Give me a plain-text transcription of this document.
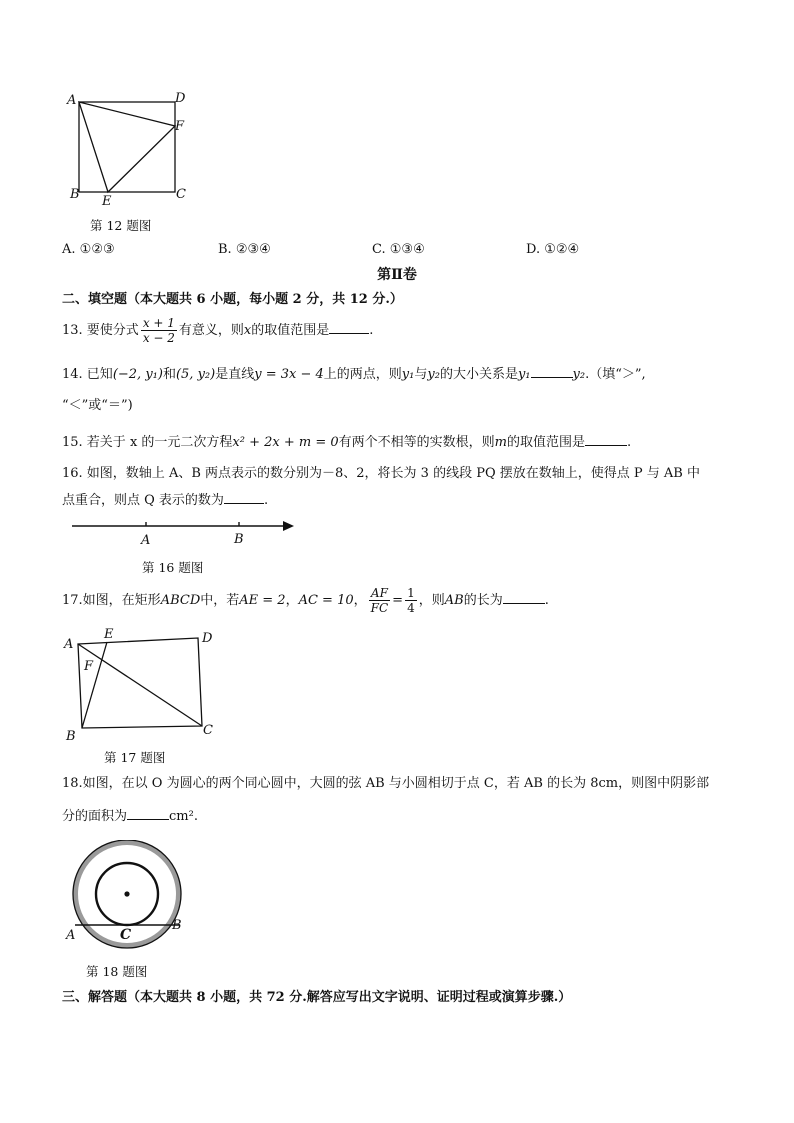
A	D
F
B E	C
第 12 题图
A. ①②③	B. ②③④	C. ①③④	D. ①②④
第Ⅱ卷
二、填空题（本大题共 6 小题，每小题 2 分，共 12 分.）
13. 要使分式 $\frac{x + 1}{x - 2}$ 有意义，则x的取值范围是	.
14. 已知(−2, y₁)和(5, y₂)是直线y = 3x − 4上的两点，则y₁与y₂的大小关系是y₁	y₂.（填“＞”,
“＜”或“＝”)
15. 若关于 x 的一元二次方程x² + 2x + m = 0有两个不相等的实数根，则m的取值范围是	.
16. 如图，数轴上 A、B 两点表示的数分别为－8、2，将长为 3 的线段 PQ 摆放在数轴上，使得点 P 与 AB 中
点重合，则点 Q 表示的数为	.
A	B
第 16 题图
17.如图，在矩形ABCD中，若AE = 2，AC = 10， $\frac{AF}{FC} = \frac{1}{4}$ ，则AB的长为	.
A
E	D
F
B	C
第 17 题图
18.如图，在以 O 为圆心的两个同心圆中，大圆的弦 AB 与小圆相切于点 C，若 AB 的长为 8cm，则图中阴影部
分的面积为	cm².
A
B
C
第 18 题图
三、解答题（本大题共 8 小题，共 72 分.解答应写出文字说明、证明过程或演算步骤.）
